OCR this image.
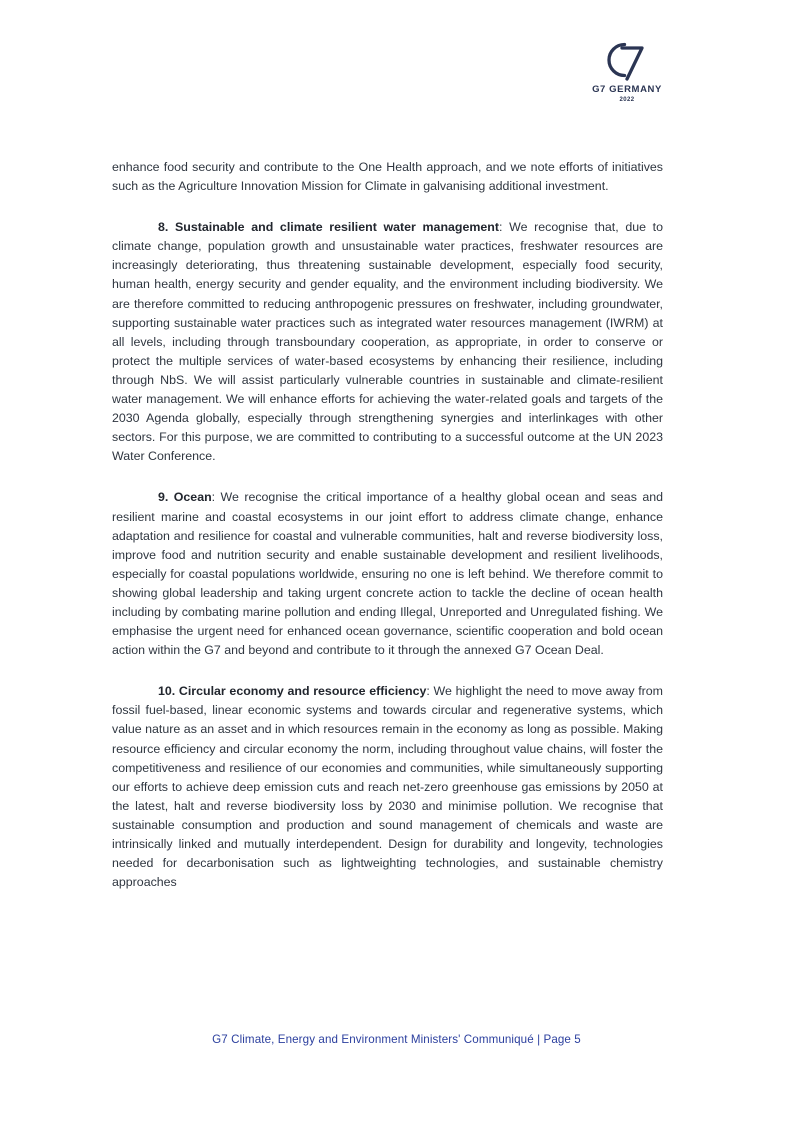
G7 GERMANY
2022

enhance food security and contribute to the One Health approach, and we note efforts of initiatives such as the Agriculture Innovation Mission for Climate in galvanising additional investment.

8. Sustainable and climate resilient water management: We recognise that, due to climate change, population growth and unsustainable water practices, freshwater resources are increasingly deteriorating, thus threatening sustainable development, especially food security, human health, energy security and gender equality, and the environment including biodiversity. We are therefore committed to reducing anthropogenic pressures on freshwater, including groundwater, supporting sustainable water practices such as integrated water resources management (IWRM) at all levels, including through transboundary cooperation, as appropriate, in order to conserve or protect the multiple services of water-based ecosystems by enhancing their resilience, including through NbS. We will assist particularly vulnerable countries in sustainable and climate-resilient water management. We will enhance efforts for achieving the water-related goals and targets of the 2030 Agenda globally, especially through strengthening synergies and interlinkages with other sectors. For this purpose, we are committed to contributing to a successful outcome at the UN 2023 Water Conference.

9. Ocean: We recognise the critical importance of a healthy global ocean and seas and resilient marine and coastal ecosystems in our joint effort to address climate change, enhance adaptation and resilience for coastal and vulnerable communities, halt and reverse biodiversity loss, improve food and nutrition security and enable sustainable development and resilient livelihoods, especially for coastal populations worldwide, ensuring no one is left behind. We therefore commit to showing global leadership and taking urgent concrete action to tackle the decline of ocean health including by combating marine pollution and ending Illegal, Unreported and Unregulated fishing. We emphasise the urgent need for enhanced ocean governance, scientific cooperation and bold ocean action within the G7 and beyond and contribute to it through the annexed G7 Ocean Deal.

10. Circular economy and resource efficiency: We highlight the need to move away from fossil fuel-based, linear economic systems and towards circular and regenerative systems, which value nature as an asset and in which resources remain in the economy as long as possible. Making resource efficiency and circular economy the norm, including throughout value chains, will foster the competitiveness and resilience of our economies and communities, while simultaneously supporting our efforts to achieve deep emission cuts and reach net-zero greenhouse gas emissions by 2050 at the latest, halt and reverse biodiversity loss by 2030 and minimise pollution. We recognise that sustainable consumption and production and sound management of chemicals and waste are intrinsically linked and mutually interdependent. Design for durability and longevity, technologies needed for decarbonisation such as lightweighting technologies, and sustainable chemistry approaches

G7 Climate, Energy and Environment Ministers' Communiqué | Page 5
